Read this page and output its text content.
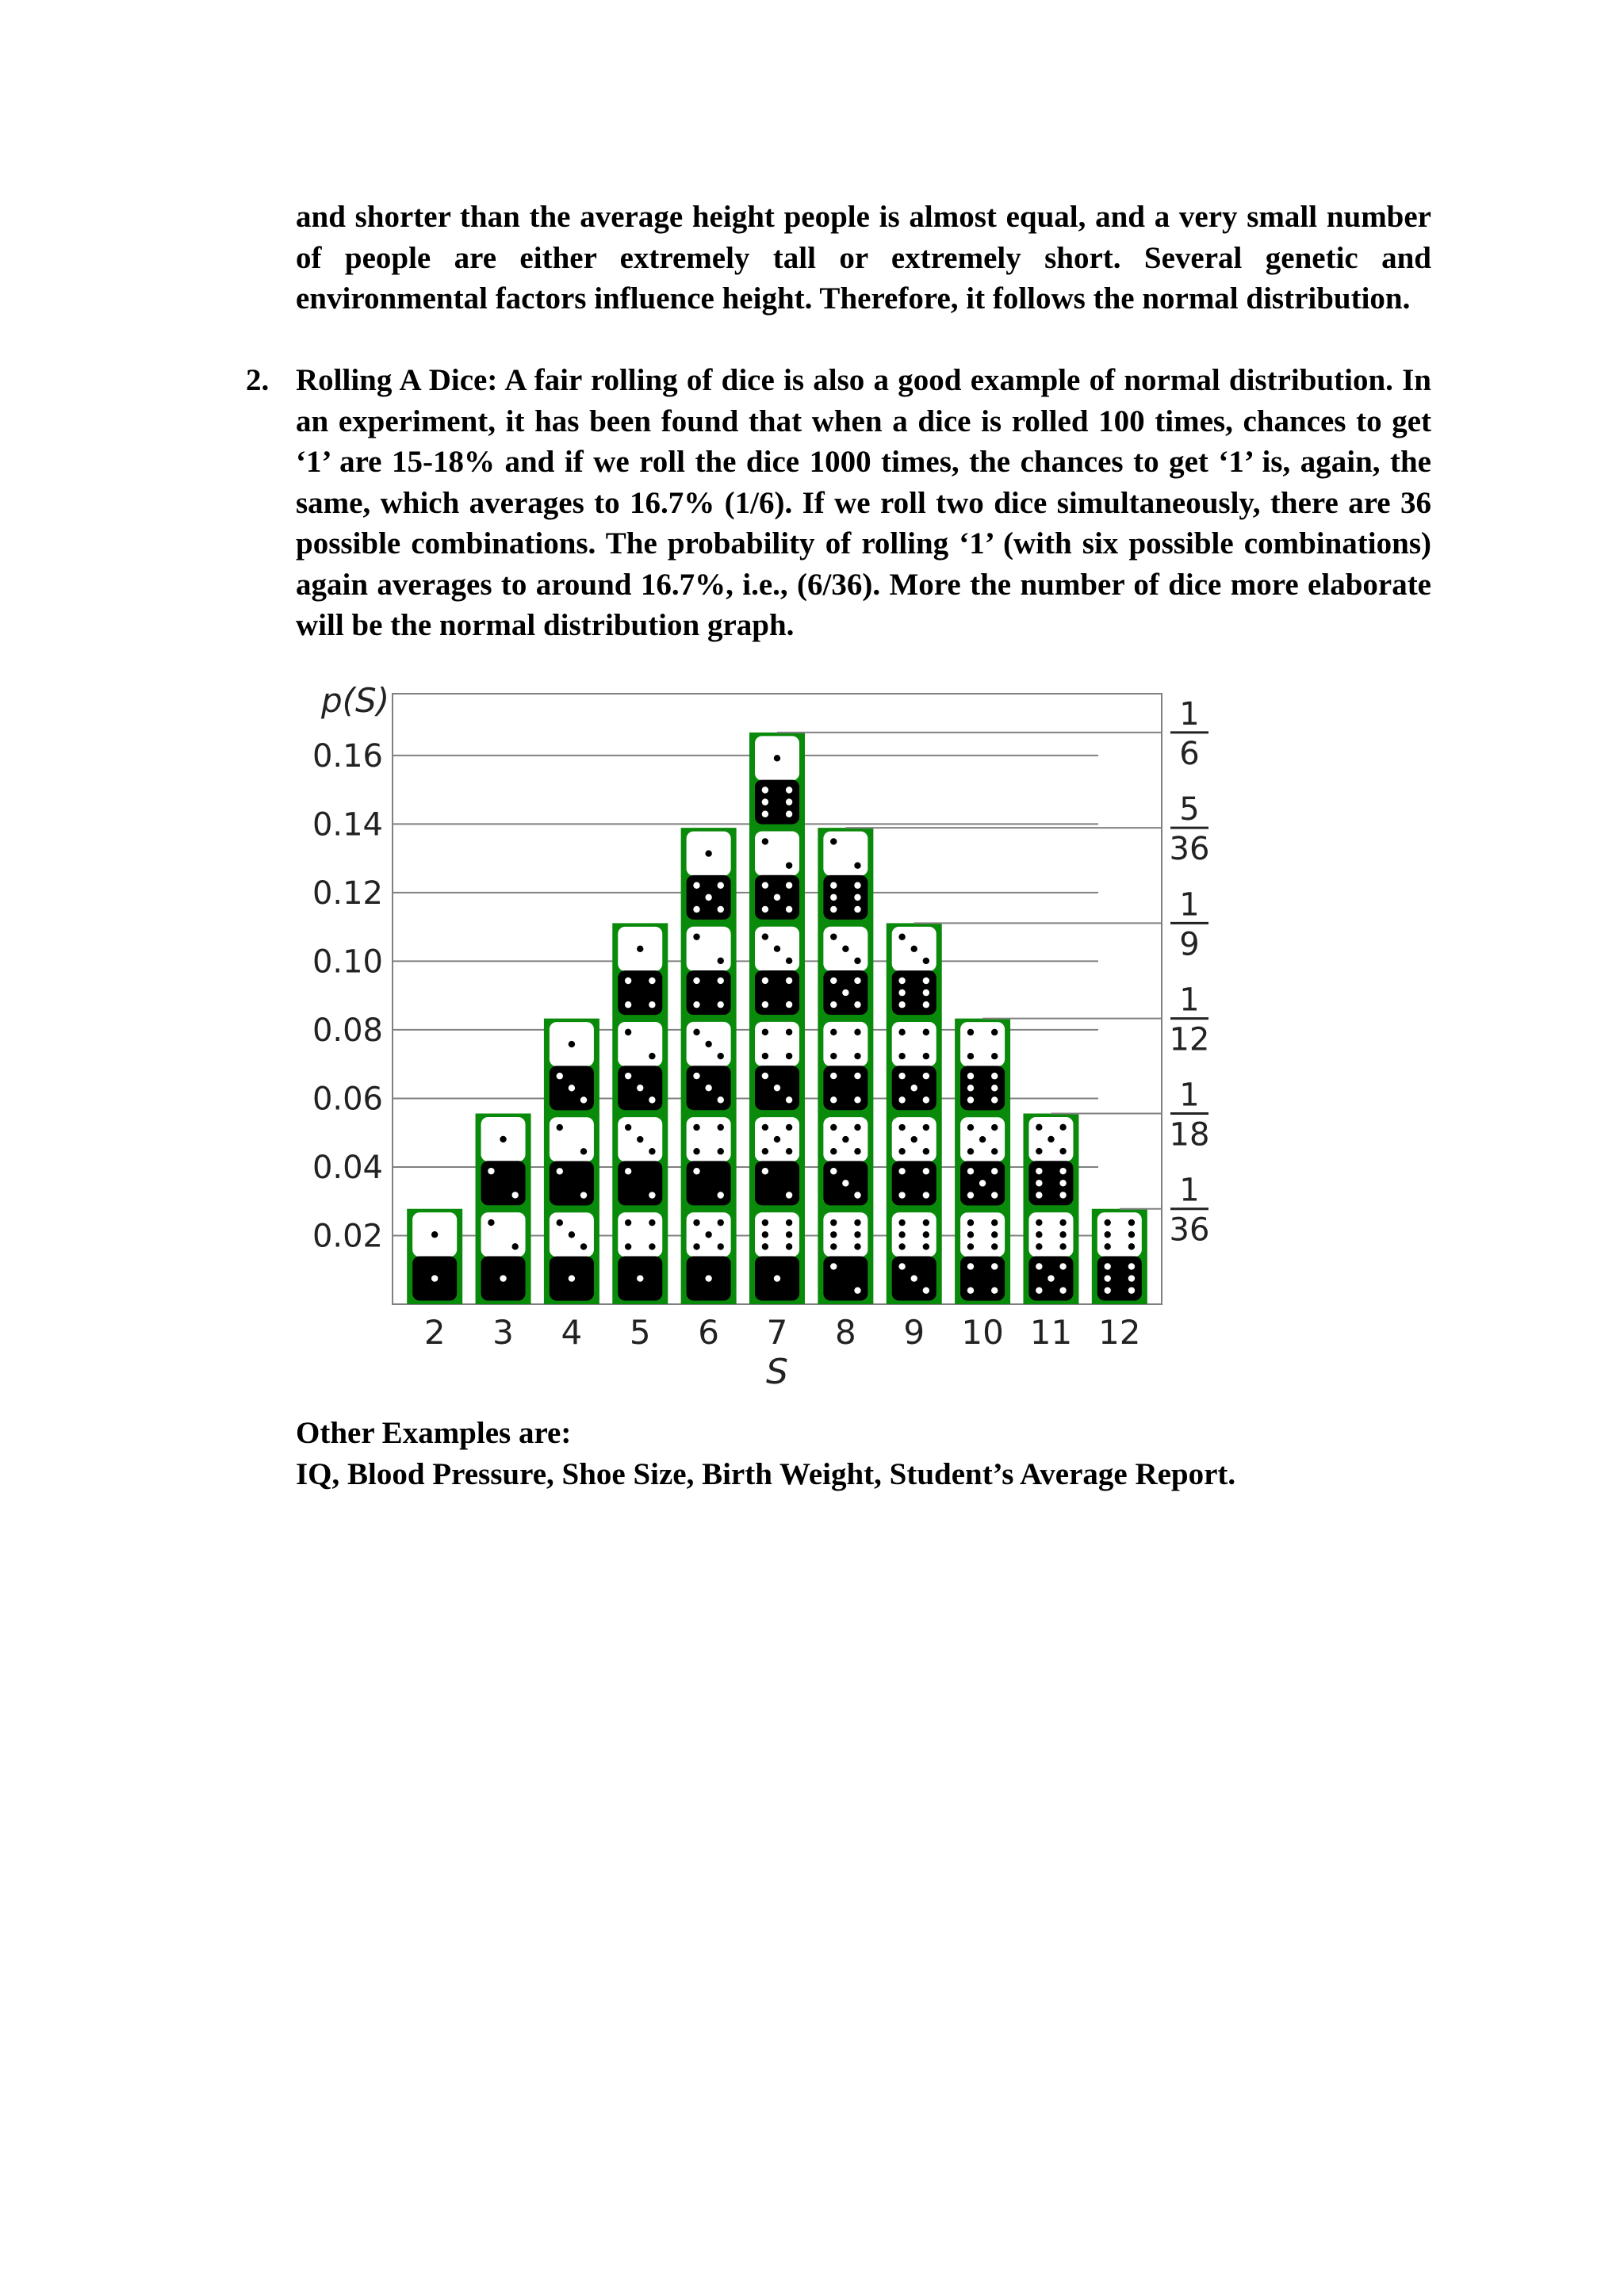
and shorter than the average height people is almost equal, and a very small number of people are either extremely tall or extremely short. Several genetic and environmental factors influence height. Therefore, it follows the normal distribution.
2. Rolling A Dice: A fair rolling of dice is also a good example of normal distribution. In an experiment, it has been found that when a dice is rolled 100 times, chances to get ‘1’ are 15-18% and if we roll the dice 1000 times, the chances to get ‘1’ is, again, the same, which averages to 16.7% (1/6). If we roll two dice simultaneously, there are 36 possible combinations. The probability of rolling ‘1’ (with six possible combinations) again averages to around 16.7%, i.e., (6/36). More the number of dice more elaborate will be the normal distribution graph.
0.02
0.04
0.06
0.08
0.10
0.12
0.14
0.16
p(S)
2 3 4 5 6 7 8 9 10 11 12
S
1
6
5
36
1
9
1
12
1
18
1
36
Other Examples are:
IQ, Blood Pressure, Shoe Size, Birth Weight, Student’s Average Report.
